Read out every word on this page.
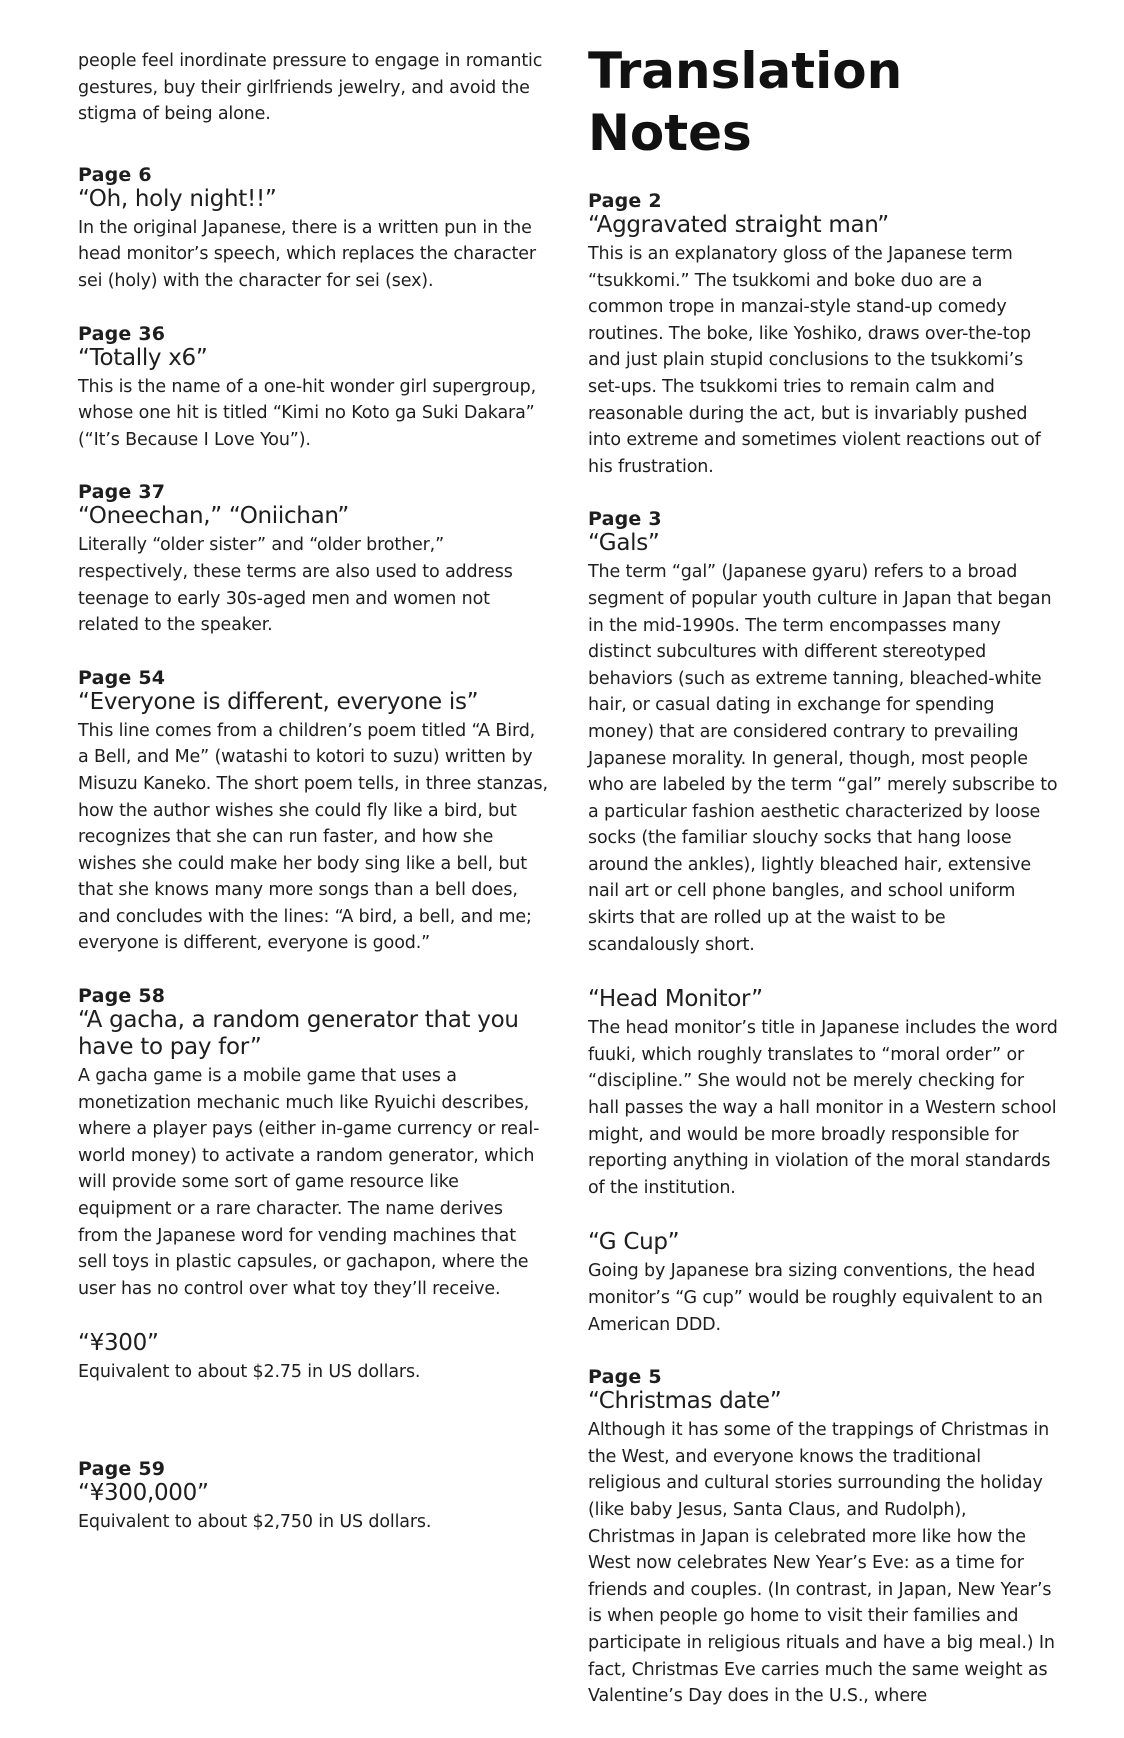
people feel inordinate pressure to engage in romantic gestures, buy their girlfriends jewelry, and avoid the stigma of being alone.

Page 6

“Oh, holy night!!”

In the original Japanese, there is a written pun in the head monitor’s speech, which replaces the character sei (holy) with the character for sei (sex).

Page 36

“Totally x6”

This is the name of a one-hit wonder girl supergroup, whose one hit is titled “Kimi no Koto ga Suki Dakara” (“It’s Because I Love You”).

Page 37

“Oneechan,” “Oniichan”

Literally “older sister” and “older brother,” respectively, these terms are also used to address teenage to early 30s-aged men and women not related to the speaker.

Page 54

“Everyone is different, everyone is”

This line comes from a children’s poem titled “A Bird, a Bell, and Me” (watashi to kotori to suzu) written by Misuzu Kaneko. The short poem tells, in three stanzas, how the author wishes she could fly like a bird, but recognizes that she can run faster, and how she wishes she could make her body sing like a bell, but that she knows many more songs than a bell does, and concludes with the lines: “A bird, a bell, and me; everyone is different, everyone is good.”

Page 58

“A gacha, a random generator that you have to pay for”

A gacha game is a mobile game that uses a monetization mechanic much like Ryuichi describes, where a player pays (either in-game currency or real-world money) to activate a random generator, which will provide some sort of game resource like equipment or a rare character. The name derives from the Japanese word for vending machines that sell toys in plastic capsules, or gachapon, where the user has no control over what toy they’ll receive.

“¥300”

Equivalent to about $2.75 in US dollars.

Page 59

“¥300,000”

Equivalent to about $2,750 in US dollars.

Translation Notes

Page 2

“Aggravated straight man”

This is an explanatory gloss of the Japanese term “tsukkomi.” The tsukkomi and boke duo are a common trope in manzai-style stand-up comedy routines. The boke, like Yoshiko, draws over-the-top and just plain stupid conclusions to the tsukkomi’s set-ups. The tsukkomi tries to remain calm and reasonable during the act, but is invariably pushed into extreme and sometimes violent reactions out of his frustration.

Page 3

“Gals”

The term “gal” (Japanese gyaru) refers to a broad segment of popular youth culture in Japan that began in the mid-1990s. The term encompasses many distinct subcultures with different stereotyped behaviors (such as extreme tanning, bleached-white hair, or casual dating in exchange for spending money) that are considered contrary to prevailing Japanese morality. In general, though, most people who are labeled by the term “gal” merely subscribe to a particular fashion aesthetic characterized by loose socks (the familiar slouchy socks that hang loose around the ankles), lightly bleached hair, extensive nail art or cell phone bangles, and school uniform skirts that are rolled up at the waist to be scandalously short.

“Head Monitor”

The head monitor’s title in Japanese includes the word fuuki, which roughly translates to “moral order” or “discipline.” She would not be merely checking for hall passes the way a hall monitor in a Western school might, and would be more broadly responsible for reporting anything in violation of the moral standards of the institution.

“G Cup”

Going by Japanese bra sizing conventions, the head monitor’s “G cup” would be roughly equivalent to an American DDD.

Page 5

“Christmas date”

Although it has some of the trappings of Christmas in the West, and everyone knows the traditional religious and cultural stories surrounding the holiday (like baby Jesus, Santa Claus, and Rudolph), Christmas in Japan is celebrated more like how the West now celebrates New Year’s Eve: as a time for friends and couples. (In contrast, in Japan, New Year’s is when people go home to visit their families and participate in religious rituals and have a big meal.) In fact, Christmas Eve carries much the same weight as Valentine’s Day does in the U.S., where
